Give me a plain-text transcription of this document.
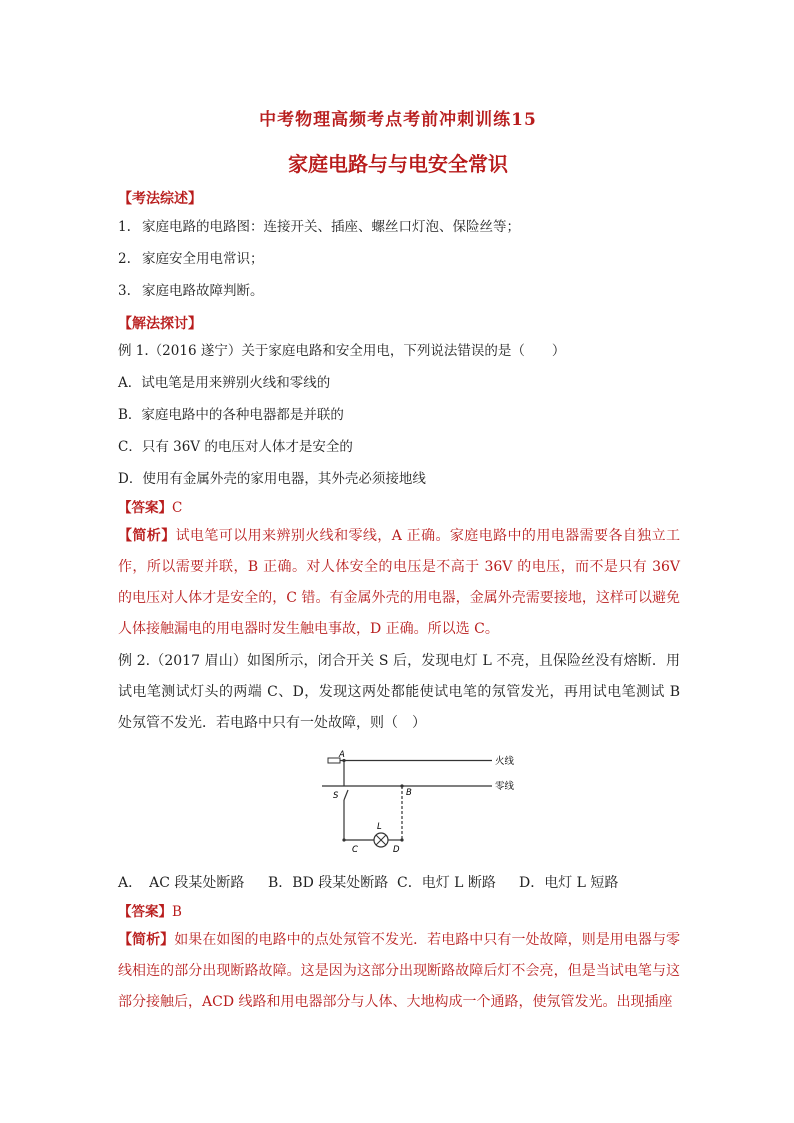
中考物理高频考点考前冲刺训练15
家庭电路与与电安全常识
【考法综述】
1. 家庭电路的电路图：连接开关、插座、螺丝口灯泡、保险丝等；
2. 家庭安全用电常识；
3. 家庭电路故障判断。
【解法探讨】
例 1.（2016 遂宁）关于家庭电路和安全用电，下列说法错误的是（　　）
A．试电笔是用来辨别火线和零线的
B．家庭电路中的各种电器都是并联的
C．只有 36V 的电压对人体才是安全的
D．使用有金属外壳的家用电器，其外壳必须接地线
【答案】C
【简析】试电笔可以用来辨别火线和零线，A 正确。家庭电路中的用电器需要各自独立工作，所以需要并联，B 正确。对人体安全的电压是不高于 36V 的电压，而不是只有 36V 的电压对人体才是安全的，C 错。有金属外壳的用电器，金属外壳需要接地，这样可以避免人体接触漏电的用电器时发生触电事故，D 正确。所以选 C。
例 2.（2017 眉山）如图所示，闭合开关 S 后，发现电灯 L 不亮，且保险丝没有熔断．用试电笔测试灯头的两端 C、D，发现这两处都能使试电笔的氖管发光，再用试电笔测试 B 处氖管不发光．若电路中只有一处故障，则（　）
A
B
S
L
C	D
火线
零线
A．　AC 段某处断路 B．BD 段某处断路 C．电灯 L 断路 D．电灯 L 短路
【答案】B
【简析】如果在如图的电路中的点处氖管不发光．若电路中只有一处故障，则是用电器与零线相连的部分出现断路故障。这是因为这部分出现断路故障后灯不会亮，但是当试电笔与这部分接触后，ACD 线路和用电器部分与人体、大地构成一个通路，使氖管发光。出现插座
